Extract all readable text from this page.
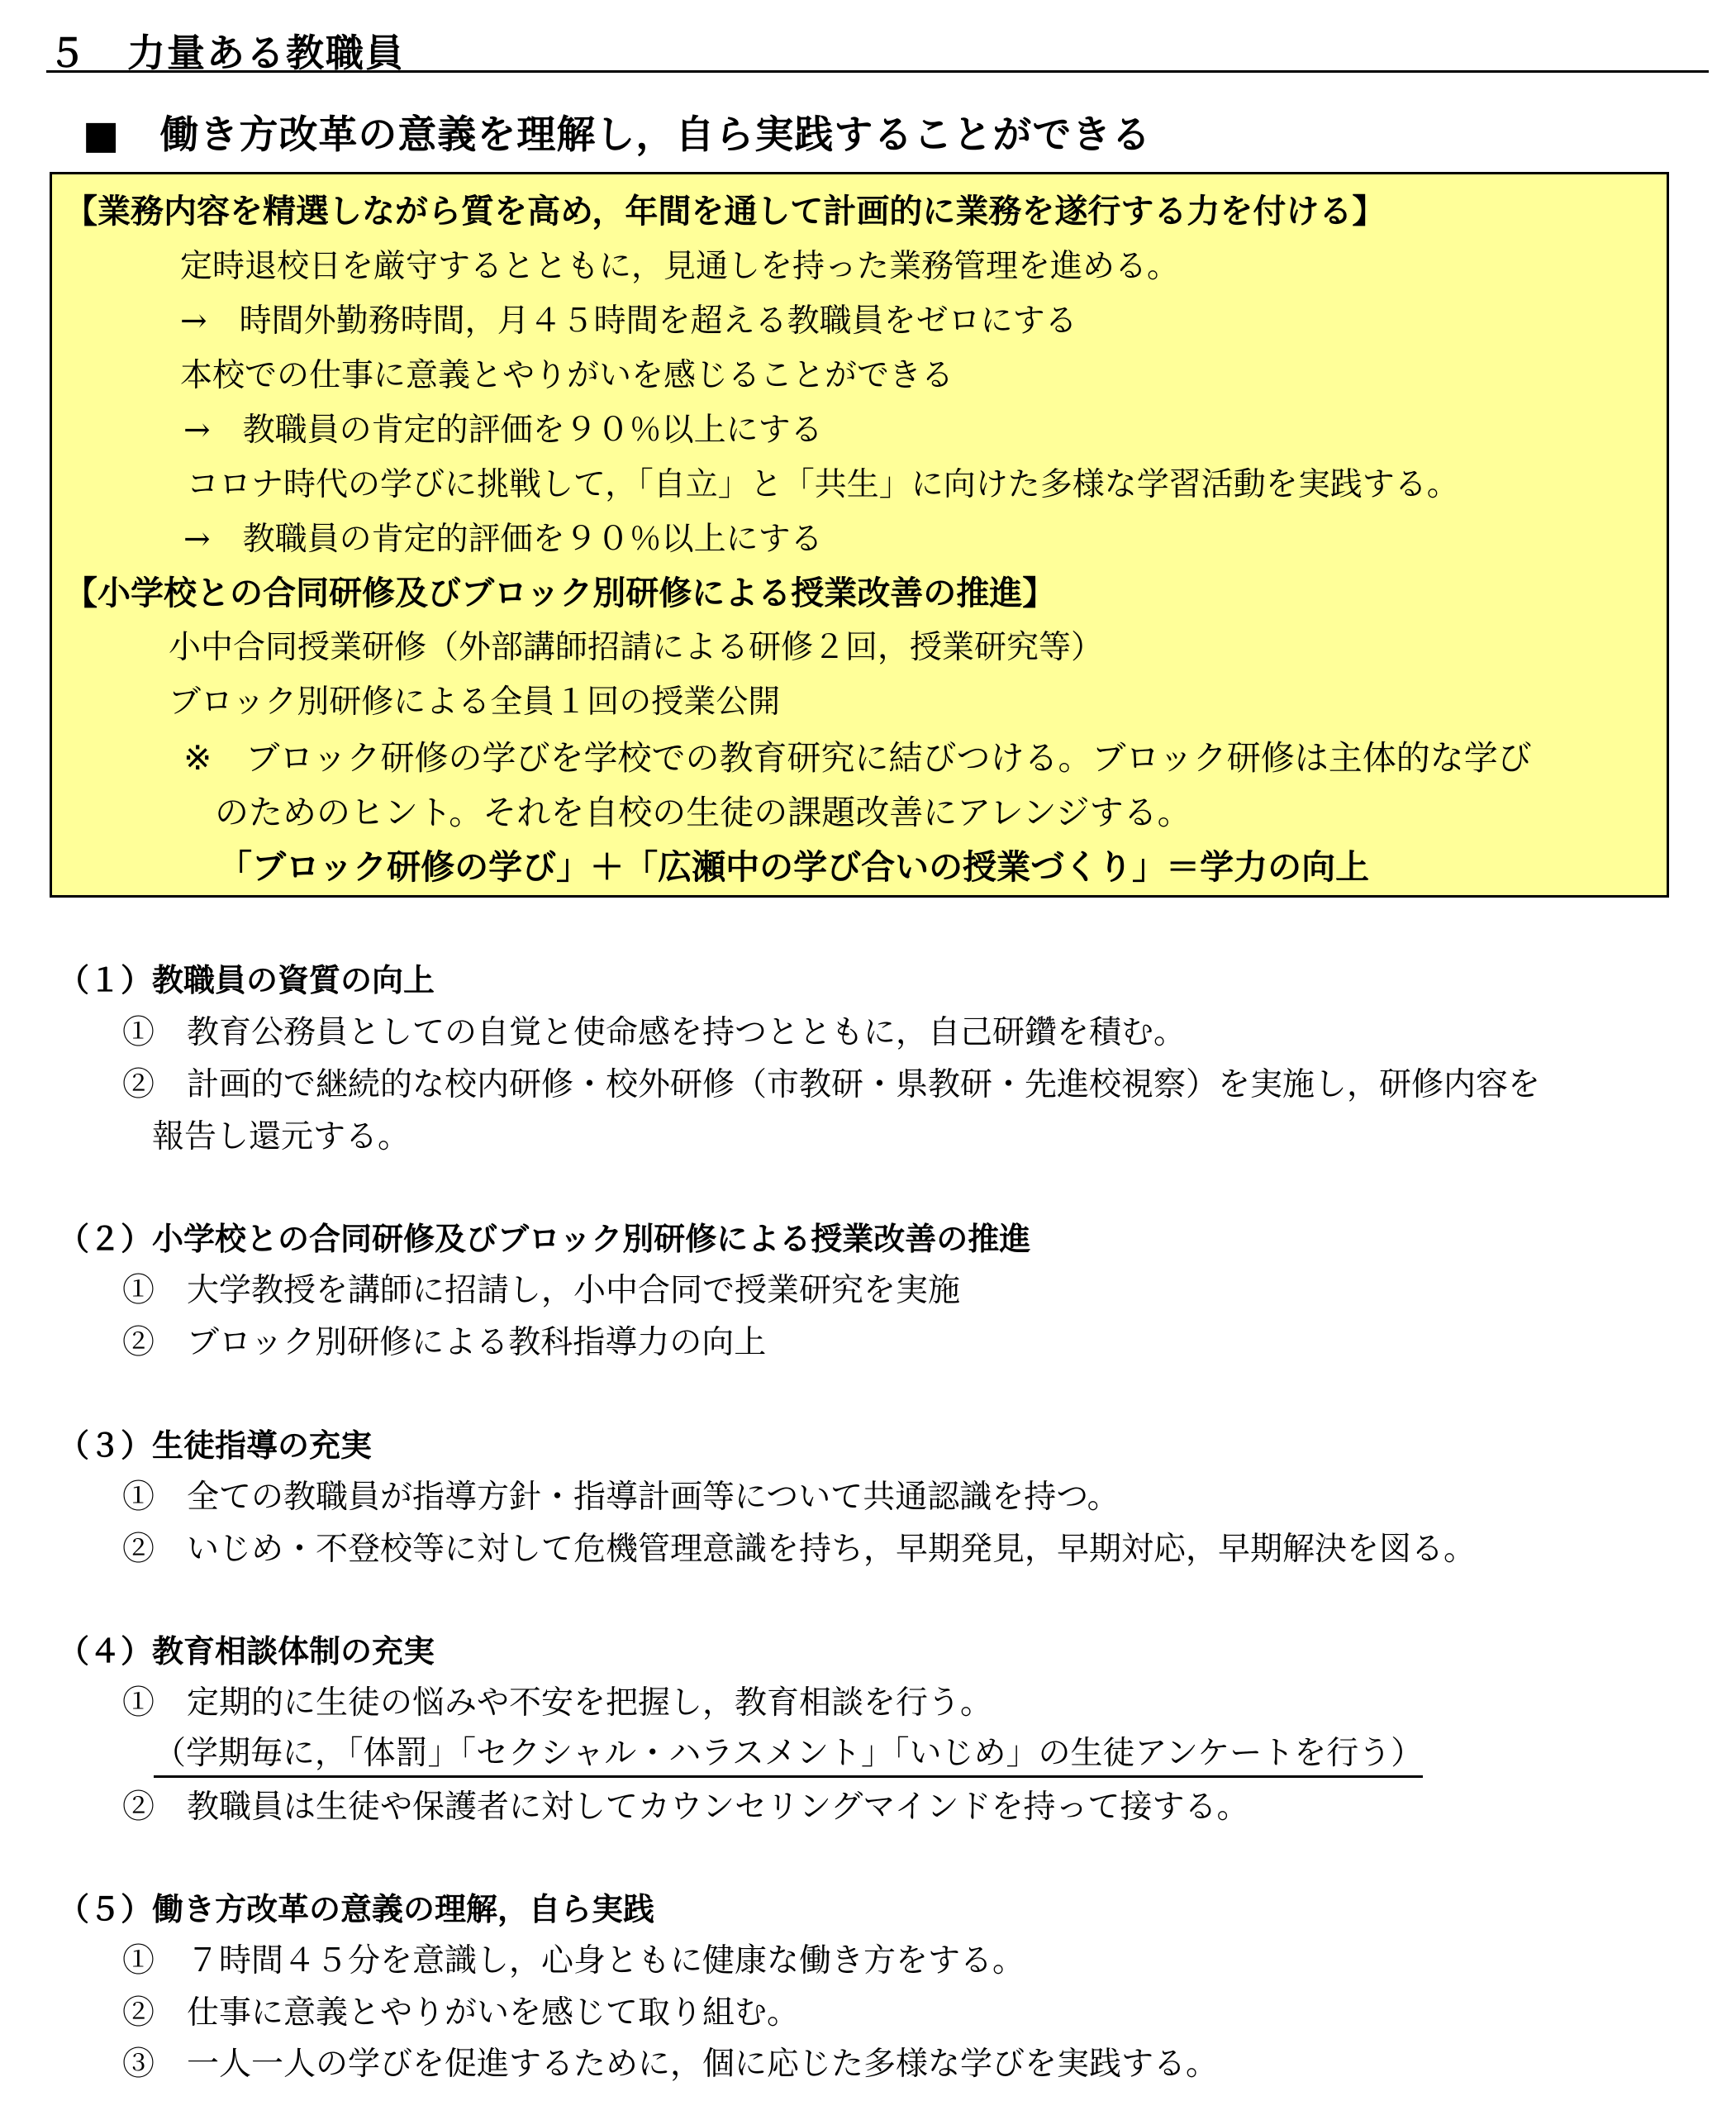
５　力量ある教職員
■　働き方改革の意義を理解し，自ら実践することができる
【業務内容を精選しながら質を高め，年間を通して計画的に業務を遂行する力を付ける】
定時退校日を厳守するとともに，見通しを持った業務管理を進める。
→　時間外勤務時間，月４５時間を超える教職員をゼロにする
本校での仕事に意義とやりがいを感じることができる
→　教職員の肯定的評価を９０％以上にする
コロナ時代の学びに挑戦して，「自立」と「共生」に向けた多様な学習活動を実践する。
→　教職員の肯定的評価を９０％以上にする
【小学校との合同研修及びブロック別研修による授業改善の推進】
小中合同授業研修（外部講師招請による研修２回，授業研究等）
ブロック別研修による全員１回の授業公開
※　ブロック研修の学びを学校での教育研究に結びつける。ブロック研修は主体的な学び
のためのヒント。それを自校の生徒の課題改善にアレンジする。
「ブロック研修の学び」＋「広瀬中の学び合いの授業づくり」＝学力の向上
（１）教職員の資質の向上
①　教育公務員としての自覚と使命感を持つとともに，自己研鑽を積む。
②　計画的で継続的な校内研修・校外研修（市教研・県教研・先進校視察）を実施し，研修内容を
報告し還元する。
（２）小学校との合同研修及びブロック別研修による授業改善の推進
①　大学教授を講師に招請し，小中合同で授業研究を実施
②　ブロック別研修による教科指導力の向上
（３）生徒指導の充実
①　全ての教職員が指導方針・指導計画等について共通認識を持つ。
②　いじめ・不登校等に対して危機管理意識を持ち，早期発見，早期対応，早期解決を図る。
（４）教育相談体制の充実
①　定期的に生徒の悩みや不安を把握し，教育相談を行う。
（学期毎に，「体罰」「セクシャル・ハラスメント」「いじめ」の生徒アンケートを行う）
②　教職員は生徒や保護者に対してカウンセリングマインドを持って接する。
（５）働き方改革の意義の理解，自ら実践
①　７時間４５分を意識し，心身ともに健康な働き方をする。
②　仕事に意義とやりがいを感じて取り組む。
③　一人一人の学びを促進するために，個に応じた多様な学びを実践する。
